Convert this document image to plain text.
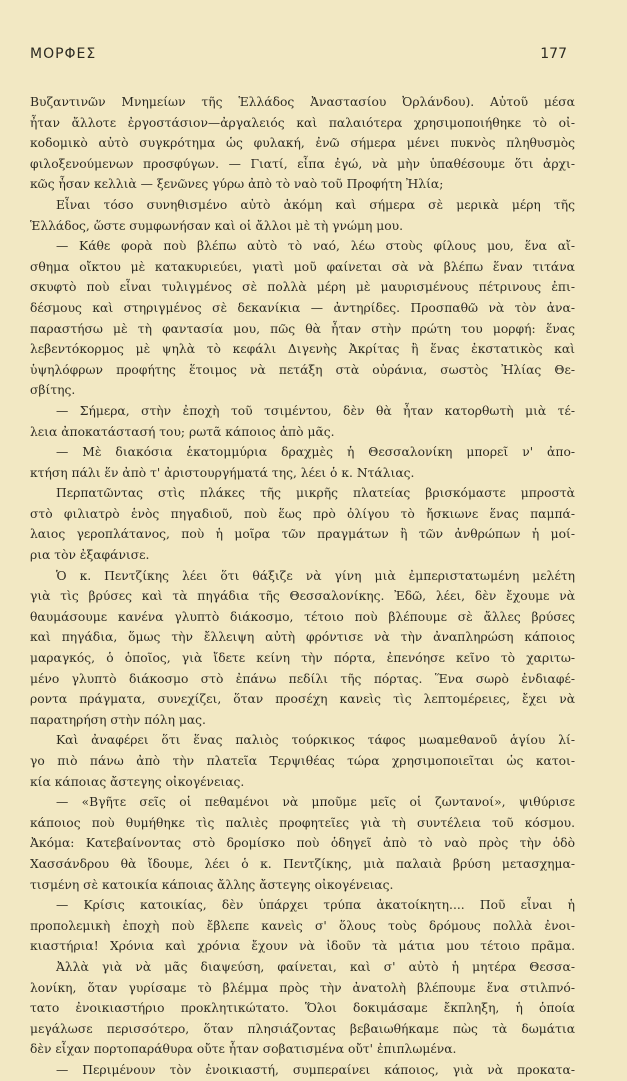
ΜΟΡΦΕΣ	177
Βυζαντινῶν Μνημείων τῆς Ἑλλάδος Ἀναστασίου Ὀρλάνδου). Αὐτοῦ μέσα
ἦταν ἄλλοτε ἐργοστάσιον—ἀργαλειός καὶ παλαιότερα χρησιμοποιήθηκε τὸ οἰ-
κοδομικὸ αὐτὸ συγκρότημα ὡς φυλακή, ἐνῶ σήμερα μένει πυκνὸς πληθυσμὸς
φιλοξενούμενων προσφύγων. — Γιατί, εἶπα ἐγώ, νὰ μὴν ὑπαθέσουμε ὅτι ἀρχι-
κῶς ἦσαν κελλιὰ — ξενῶνες γύρω ἀπὸ τὸ ναὸ τοῦ Προφήτη Ἠλία;
Εἶναι τόσο συνηθισμένο αὐτὸ ἀκόμη καὶ σήμερα σὲ μερικὰ μέρη τῆς
Ἑλλάδος, ὥστε συμφωνήσαν καὶ οἱ ἄλλοι μὲ τὴ γνώμη μου.
— Κάθε φορὰ ποὺ βλέπω αὐτὸ τὸ ναό, λέω στοὺς φίλους μου, ἕνα αἴ-
σθημα οἴκτου μὲ κατακυριεύει, γιατὶ μοῦ φαίνεται σὰ νὰ βλέπω ἕναν τιτάνα
σκυφτὸ ποὺ εἶναι τυλιγμένος σὲ πολλὰ μέρη μὲ μαυρισμένους πέτρινους ἐπι-
δέσμους καὶ στηριγμένος σὲ δεκανίκια — ἀντηρίδες. Προσπαθῶ νὰ τὸν ἀνα-
παραστήσω μὲ τὴ φαντασία μου, πῶς θὰ ἦταν στὴν πρώτη του μορφή: ἕνας
λεβεντόκορμος μὲ ψηλὰ τὸ κεφάλι Διγενὴς Ἀκρίτας ἢ ἕνας ἐκστατικὸς καὶ
ὑψηλόφρων προφήτης ἕτοιμος νὰ πετάξη στὰ οὐράνια, σωστὸς Ἠλίας Θε-
σβίτης.
— Σήμερα, στὴν ἐποχὴ τοῦ τσιμέντου, δὲν θὰ ἦταν κατορθωτὴ μιὰ τέ-
λεια ἀποκατάστασή του; ρωτᾶ κάποιος ἀπὸ μᾶς.
— Μὲ διακόσια ἑκατομμύρια δραχμὲς ἡ Θεσσαλονίκη μπορεῖ ν' ἀπο-
κτήση πάλι ἕν ἀπὸ τ' ἀριστουργήματά της, λέει ὁ κ. Ντάλιας.
Περπατῶντας στὶς πλάκες τῆς μικρῆς πλατείας βρισκόμαστε μπροστὰ
στὸ φιλιατρὸ ἑνὸς πηγαδιοῦ, ποὺ ἕως πρὸ ὀλίγου τὸ ἤσκιωνε ἕνας παμπά-
λαιος γεροπλάτανος, ποὺ ἡ μοῖρα τῶν πραγμάτων ἢ τῶν ἀνθρώπων ἡ μοί-
ρια τὸν ἐξαφάνισε.
Ὁ κ. Πεντζίκης λέει ὅτι θάξιζε νὰ γίνη μιὰ ἐμπεριστατωμένη μελέτη
γιὰ τὶς βρύσες καὶ τὰ πηγάδια τῆς Θεσσαλονίκης. Ἐδῶ, λέει, δὲν ἔχουμε νὰ
θαυμάσουμε κανένα γλυπτὸ διάκοσμο, τέτοιο ποὺ βλέπουμε σὲ ἄλλες βρύσες
καὶ πηγάδια, ὅμως τὴν ἔλλειψη αὐτὴ φρόντισε νὰ τὴν ἀναπληρώση κάποιος
μαραγκός, ὁ ὁποῖος, γιὰ ἴδετε κείνη τὴν πόρτα, ἐπενόησε κεῖνο τὸ χαριτω-
μένο γλυπτὸ διάκοσμο στὸ ἐπάνω πεδίλι τῆς πόρτας. Ἕνα σωρὸ ἐνδιαφέ-
ροντα πράγματα, συνεχίζει, ὅταν προσέχη κανεὶς τὶς λεπτομέρειες, ἔχει νὰ
παρατηρήση στὴν πόλη μας.
Καὶ ἀναφέρει ὅτι ἕνας παλιὸς τούρκικος τάφος μωαμεθανοῦ ἁγίου λί-
γο πιὸ πάνω ἀπὸ τὴν πλατεῖα Τερψιθέας τώρα χρησιμοποιεῖται ὡς κατοι-
κία κάποιας ἄστεγης οἰκογένειας.
— «Βγῆτε σεῖς οἱ πεθαμένοι νὰ μποῦμε μεῖς οἱ ζωντανοί», ψιθύρισε
κάποιος ποὺ θυμήθηκε τὶς παλιὲς προφητεῖες γιὰ τὴ συντέλεια τοῦ κόσμου.
Ἀκόμα: Κατεβαίνοντας στὸ δρομίσκο ποὺ ὁδηγεῖ ἀπὸ τὸ ναὸ πρὸς τὴν ὁδὸ
Χασσάνδρου θὰ ἴδουμε, λέει ὁ κ. Πεντζίκης, μιὰ παλαιὰ βρύση μετασχημα-
τισμένη σὲ κατοικία κάποιας ἄλλης ἄστεγης οἰκογένειας.
— Κρίσις κατοικίας, δὲν ὑπάρχει τρύπα ἀκατοίκητη.... Ποῦ εἶναι ἡ
προπολεμικὴ ἐποχὴ ποὺ ἔβλεπε κανεὶς σ' ὅλους τοὺς δρόμους πολλὰ ἐνοι-
κιαστήρια! Χρόνια καὶ χρόνια ἔχουν νὰ ἰδοῦν τὰ μάτια μου τέτοιο πρᾶμα.
Ἀλλὰ γιὰ νὰ μᾶς διαψεύση, φαίνεται, καὶ σ' αὐτὸ ἡ μητέρα Θεσσα-
λονίκη, ὅταν γυρίσαμε τὸ βλέμμα πρὸς τὴν ἀνατολὴ βλέπουμε ἕνα στιλπνό-
τατο ἐνοικιαστήριο προκλητικώτατο. Ὅλοι δοκιμάσαμε ἔκπληξη, ἡ ὁποία
μεγάλωσε περισσότερο, ὅταν πλησιάζοντας βεβαιωθήκαμε πὼς τὰ δωμάτια
δὲν εἶχαν πορτοπαράθυρα οὔτε ἦταν σοβατισμένα οὔτ' ἐπιπλωμένα.
— Περιμένουν τὸν ἐνοικιαστή, συμπεραίνει κάποιος, γιὰ νὰ προκατα-
